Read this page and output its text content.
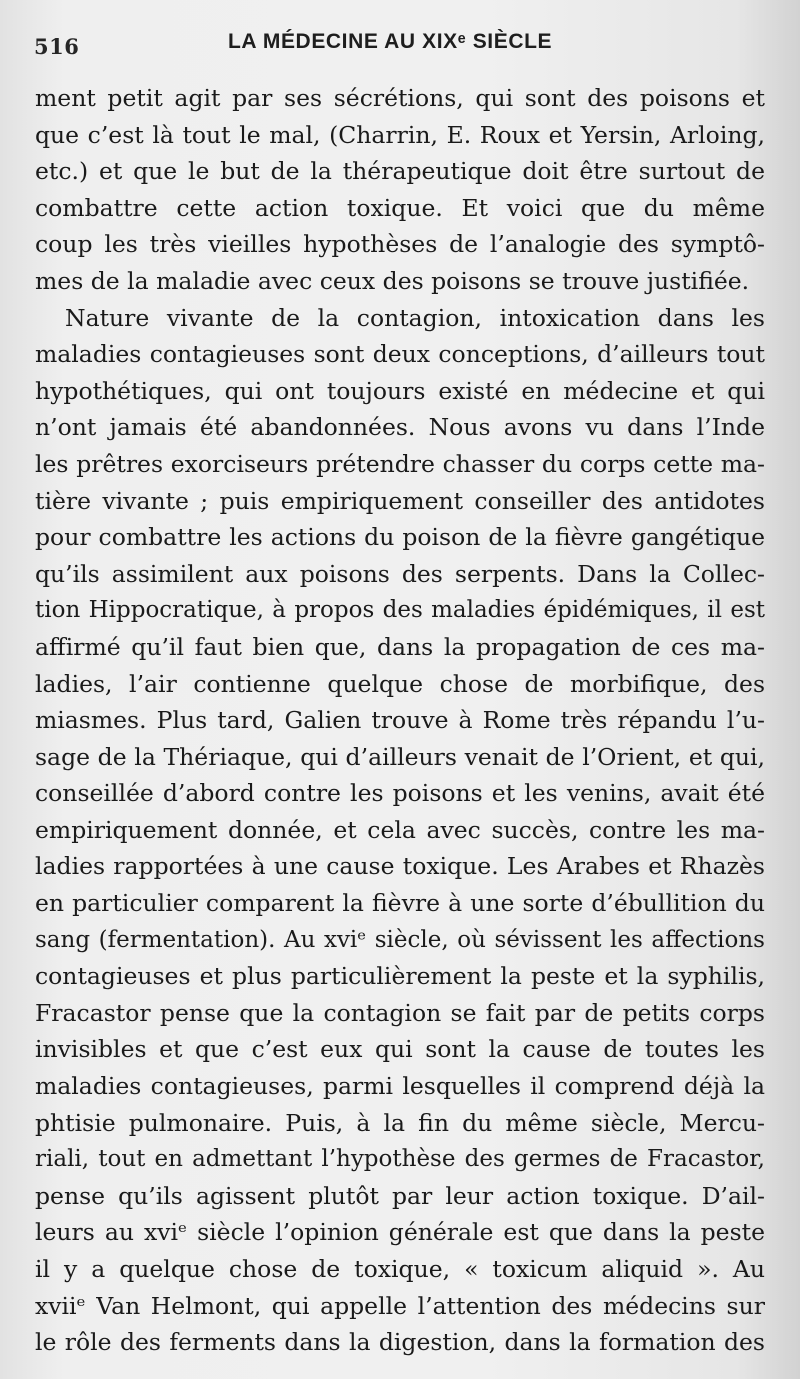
516	LA MÉDECINE AU XIXᵉ SIÈCLE
ment petit agit par ses sécrétions, qui sont des poisons et
que c’est là tout le mal, (Charrin, E. Roux et Yersin, Arloing,
etc.) et que le but de la thérapeutique doit être surtout de
combattre cette action toxique. Et voici que du même
coup les très vieilles hypothèses de l’analogie des symptô-
mes de la maladie avec ceux des poisons se trouve justifiée.
Nature vivante de la contagion, intoxication dans les
maladies contagieuses sont deux conceptions, d’ailleurs tout
hypothétiques, qui ont toujours existé en médecine et qui
n’ont jamais été abandonnées. Nous avons vu dans l’Inde
les prêtres exorciseurs prétendre chasser du corps cette ma-
tière vivante ; puis empiriquement conseiller des antidotes
pour combattre les actions du poison de la fièvre gangétique
qu’ils assimilent aux poisons des serpents. Dans la Collec-
tion Hippocratique, à propos des maladies épidémiques, il est
affirmé qu’il faut bien que, dans la propagation de ces ma-
ladies, l’air contienne quelque chose de morbifique, des
miasmes. Plus tard, Galien trouve à Rome très répandu l’u-
sage de la Thériaque, qui d’ailleurs venait de l’Orient, et qui,
conseillée d’abord contre les poisons et les venins, avait été
empiriquement donnée, et cela avec succès, contre les ma-
ladies rapportées à une cause toxique. Les Arabes et Rhazès
en particulier comparent la fièvre à une sorte d’ébullition du
sang (fermentation). Au xviᵉ siècle, où sévissent les affections
contagieuses et plus particulièrement la peste et la syphilis,
Fracastor pense que la contagion se fait par de petits corps
invisibles et que c’est eux qui sont la cause de toutes les
maladies contagieuses, parmi lesquelles il comprend déjà la
phtisie pulmonaire. Puis, à la fin du même siècle, Mercu-
riali, tout en admettant l’hypothèse des germes de Fracastor,
pense qu’ils agissent plutôt par leur action toxique. D’ail-
leurs au xviᵉ siècle l’opinion générale est que dans la peste
il y a quelque chose de toxique, « toxicum aliquid ». Au
xviiᵉ Van Helmont, qui appelle l’attention des médecins sur
le rôle des ferments dans la digestion, dans la formation des
